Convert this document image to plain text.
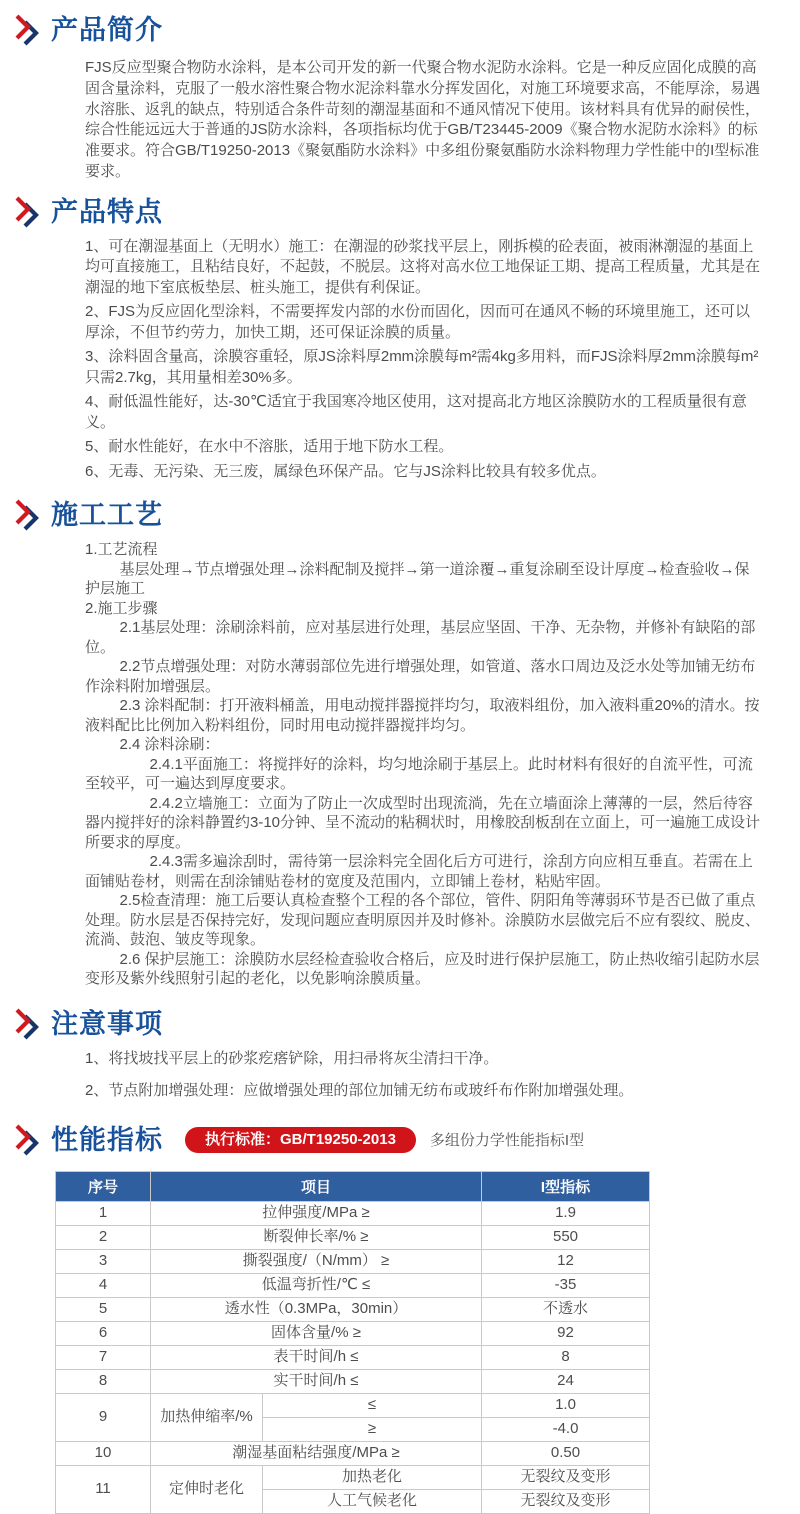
产品简介

FJS反应型聚合物防水涂料，是本公司开发的新一代聚合物水泥防水涂料。它是一种反应固化成膜的高固含量涂料，克服了一般水溶性聚合物水泥涂料靠水分挥发固化，对施工环境要求高，不能厚涂，易遇水溶胀、返乳的缺点，特别适合条件苛刻的潮湿基面和不通风情况下使用。该材料具有优异的耐侯性，综合性能远远大于普通的JS防水涂料，各项指标均优于GB/T23445-2009《聚合物水泥防水涂料》的标准要求。符合GB/T19250-2013《聚氨酯防水涂料》中多组份聚氨酯防水涂料物理力学性能中的I型标准要求。

产品特点

1、可在潮湿基面上（无明水）施工：在潮湿的砂浆找平层上，刚拆模的砼表面，被雨淋潮湿的基面上均可直接施工，且粘结良好，不起鼓，不脱层。这将对高水位工地保证工期、提高工程质量，尤其是在潮湿的地下室底板垫层、桩头施工，提供有利保证。

2、FJS为反应固化型涂料，不需要挥发内部的水份而固化，因而可在通风不畅的环境里施工，还可以厚涂，不但节约劳力，加快工期，还可保证涂膜的质量。

3、涂料固含量高，涂膜容重轻，原JS涂料厚2mm涂膜每m²需4kg多用料，而FJS涂料厚2mm涂膜每m²只需2.7kg，其用量相差30%多。

4、耐低温性能好，达-30℃适宜于我国寒冷地区使用，这对提高北方地区涂膜防水的工程质量很有意义。

5、耐水性能好，在水中不溶胀，适用于地下防水工程。

6、无毒、无污染、无三废，属绿色环保产品。它与JS涂料比较具有较多优点。

施工工艺

1.工艺流程

基层处理→节点增强处理→涂料配制及搅拌→第一道涂覆→重复涂刷至设计厚度→检查验收→保护层施工

2.施工步骤

2.1基层处理：涂刷涂料前，应对基层进行处理，基层应坚固、干净、无杂物，并修补有缺陷的部位。

2.2节点增强处理：对防水薄弱部位先进行增强处理，如管道、落水口周边及泛水处等加铺无纺布作涂料附加增强层。

2.3 涂料配制：打开液料桶盖，用电动搅拌器搅拌均匀，取液料组份，加入液料重20%的清水。按液料配比比例加入粉料组份，同时用电动搅拌器搅拌均匀。

2.4 涂料涂刷：

2.4.1平面施工：将搅拌好的涂料，均匀地涂刷于基层上。此时材料有很好的自流平性，可流至较平，可一遍达到厚度要求。

2.4.2立墙施工：立面为了防止一次成型时出现流淌，先在立墙面涂上薄薄的一层，然后待容器内搅拌好的涂料静置约3-10分钟、呈不流动的粘稠状时，用橡胶刮板刮在立面上，可一遍施工成设计所要求的厚度。

2.4.3需多遍涂刮时，需待第一层涂料完全固化后方可进行，涂刮方向应相互垂直。若需在上面铺贴卷材，则需在刮涂铺贴卷材的宽度及范围内，立即铺上卷材，粘贴牢固。

2.5检查清理：施工后要认真检查整个工程的各个部位，管件、阴阳角等薄弱环节是否已做了重点处理。防水层是否保持完好，发现问题应查明原因并及时修补。涂膜防水层做完后不应有裂纹、脱皮、流淌、鼓泡、皱皮等现象。

2.6 保护层施工：涂膜防水层经检查验收合格后，应及时进行保护层施工，防止热收缩引起防水层变形及紫外线照射引起的老化，以免影响涂膜质量。

注意事项

1、将找坡找平层上的砂浆疙瘩铲除，用扫帚将灰尘清扫干净。

2、节点附加增强处理：应做增强处理的部位加铺无纺布或玻纤布作附加增强处理。

性能指标	执行标准：GB/T19250-2013	多组份力学性能指标I型
序号	项目		I型指标
1	拉伸强度/MPa ≥		1.9
2	断裂伸长率/% ≥		550
3	撕裂强度/（N/mm） ≥		12
4	低温弯折性/℃ ≤		-35
5	透水性（0.3MPa，30min）		不透水
6	固体含量/% ≥		92
7	表干时间/h ≤		8
8	实干时间/h ≤		24
9	加热伸缩率/%	≤	1.0
		≥	-4.0
10	潮湿基面粘结强度/MPa ≥		0.50
11	定伸时老化	加热老化	无裂纹及变形
		人工气候老化	无裂纹及变形
